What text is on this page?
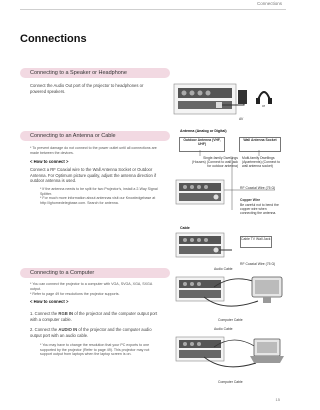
Connections
Connections
Connecting to a Speaker or Headphone
Connect the Audio Out port of the projector to headphones or powered speakers.
AV
or
Connecting to an Antenna or Cable
* To prevent damage do not connect to the power outlet until all connections are made between the devices.
< How to connect >
Connect a RF Coaxial wire to the Wall Antenna Socket or Outdoor Antenna. For Optimum picture quality, adjust the antenna direction if outdoor antenna is used.
* If the antenna needs to be split for two Projector's, install a 2-Way Signal Splitter.
* For much more information about antennas visit our Knowledgebase at http://lghomedelegbase.com. Search for antenna.
Antenna (Analog or Digital)
Outdoor Antenna (VHF, UHF)
Wall Antenna Socket
Single-family Dwellings (Houses) (Connect to wall jack for outdoor antenna)
Multi-family Dwellings (Apartments) (Connect to wall antenna socket)
RF Coaxial Wire (75 Ω)
Copper Wire
Be careful not to bend the copper wire when connecting the antenna.
Cable
Cable TV Wall Jack
RF Coaxial Wire (75 Ω)
Connecting to a Computer
* You can connect the projector to a computer with VGA, SVGA, XGA, SXGA output.
* Refer to page 49 for resolutions the projector supports.
< How to connect >
1. Connect the RGB IN of the projector and the computer output port with a computer cable.
2. Connect the AUDIO IN of the projector and the computer audio output port with an audio cable.
* You may have to change the resolution that your PC exports to one supported by the projector (Refer to page 49). This projector may not support output from laptops when the laptop screen is on.
Audio Cable
Computer Cable
Audio Cable
Computer Cable
15
